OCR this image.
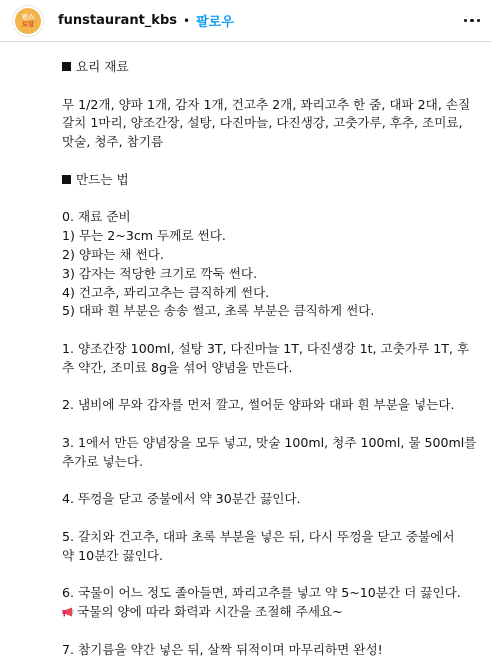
펀스
토랑 funstaurant_kbs • 팔로우
요리 재료
무 1/2개, 양파 1개, 감자 1개, 건고추 2개, 꽈리고추 한 줌, 대파 2대, 손질
갈치 1마리, 양조간장, 설탕, 다진마늘, 다진생강, 고춧가루, 후추, 조미료,
맛술, 청주, 참기름
만드는 법
0. 재료 준비
1) 무는 2~3cm 두께로 썬다.
2) 양파는 채 썬다.
3) 감자는 적당한 크기로 깍둑 썬다.
4) 건고추, 꽈리고추는 큼직하게 썬다.
5) 대파 흰 부분은 송송 썰고, 초록 부분은 큼직하게 썬다.
1. 양조간장 100ml, 설탕 3T, 다진마늘 1T, 다진생강 1t, 고춧가루 1T, 후
추 약간, 조미료 8g을 섞어 양념을 만든다.
2. 냄비에 무와 감자를 먼저 깔고, 썰어둔 양파와 대파 흰 부분을 넣는다.
3. 1에서 만든 양념장을 모두 넣고, 맛술 100ml, 청주 100ml, 물 500ml를
추가로 넣는다.
4. 뚜껑을 닫고 중불에서 약 30분간 끓인다.
5. 갈치와 건고추, 대파 초록 부분을 넣은 뒤, 다시 뚜껑을 닫고 중불에서
약 10분간 끓인다.
6. 국물이 어느 정도 졸아들면, 꽈리고추를 넣고 약 5~10분간 더 끓인다.
국물의 양에 따라 화력과 시간을 조절해 주세요~
7. 참기름을 약간 넣은 뒤, 살짝 뒤적이며 마무리하면 완성!
